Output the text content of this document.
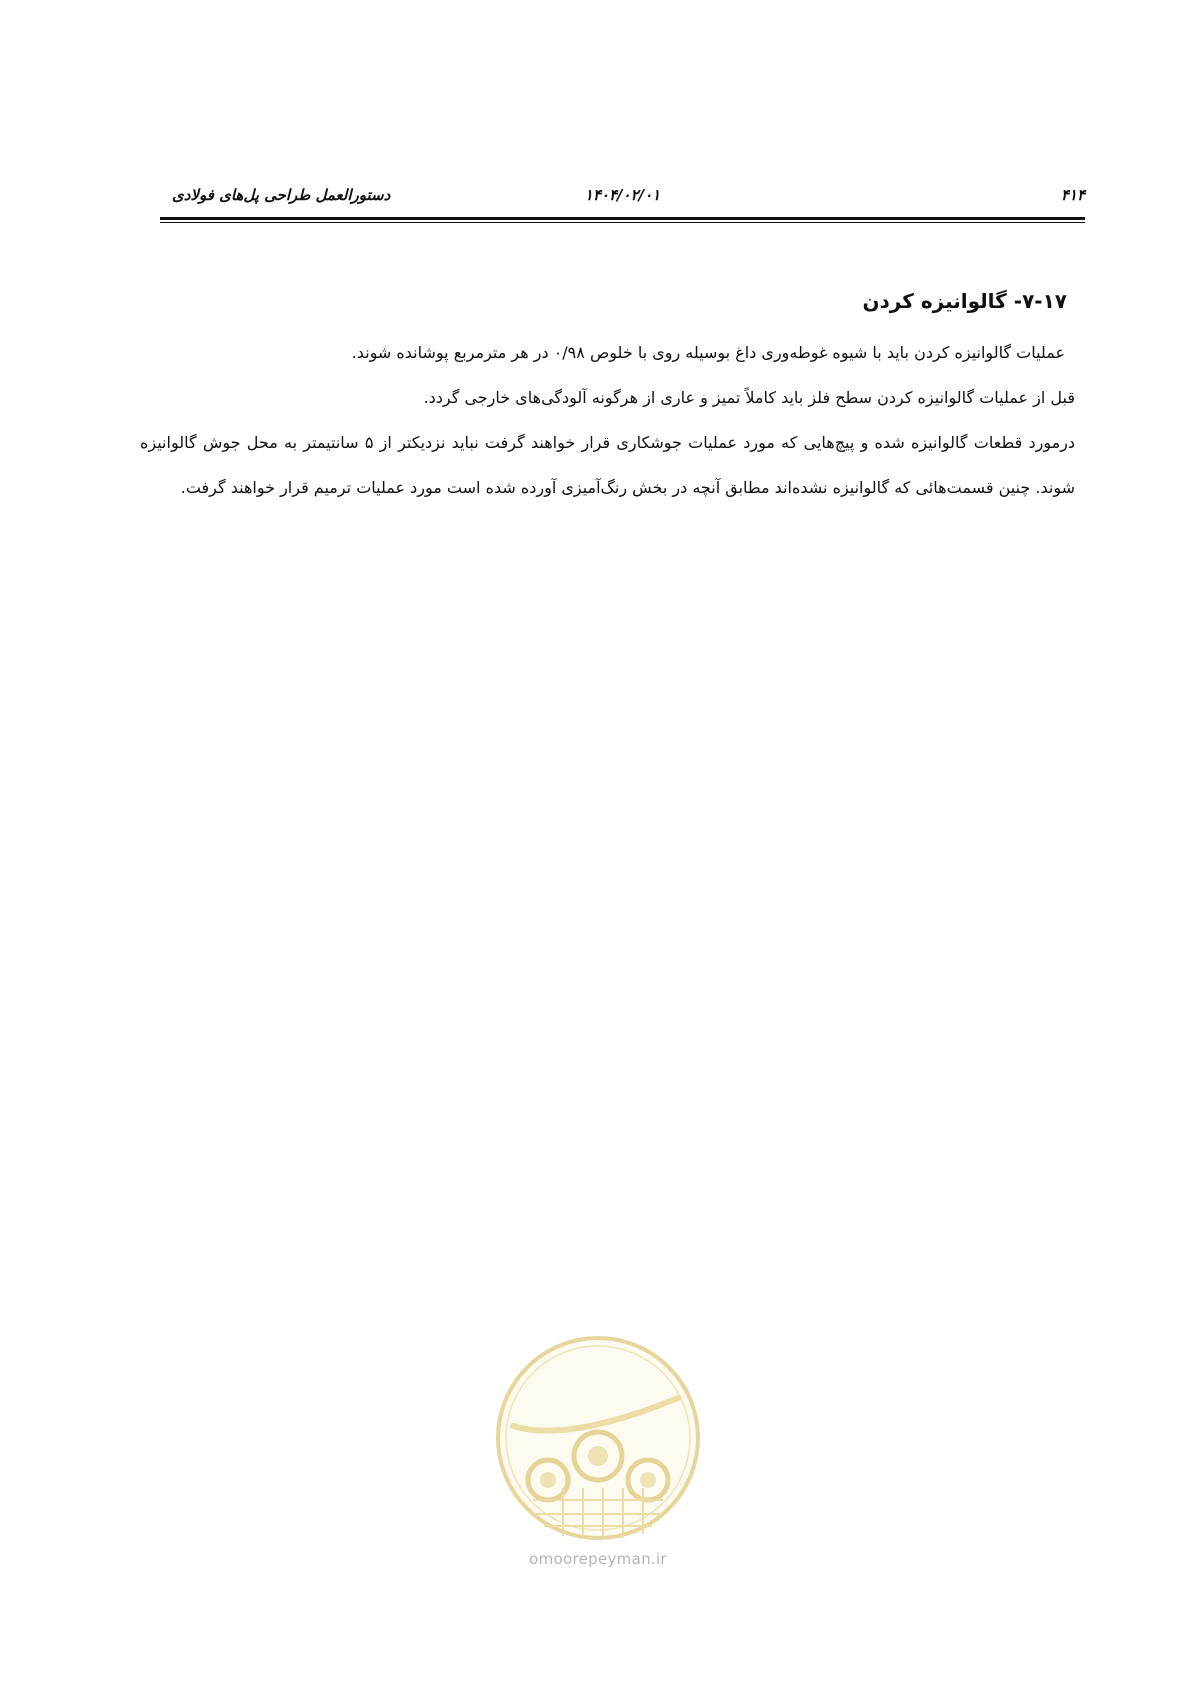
۴۱۴
۱۴۰۴/۰۲/۰۱
دستورالعمل طراحی پل‌های فولادی
۷-۱۷- گالوانیزه کردن

عملیات گالوانیزه کردن باید با شیوه غوطه‌وری داغ بوسیله روی با خلوص ۰/۹۸ در هر مترمربع پوشانده شوند.

قبل از عملیات گالوانیزه کردن سطح فلز باید کاملاً تمیز و عاری از هرگونه آلودگی‌های خارجی گردد.

درمورد قطعات گالوانیزه شده و پیچ‌هایی که مورد عملیات جوشکاری قرار خواهند گرفت نباید نزدیکتر از ۵ سانتیمتر به محل جوش گالوانیزه شوند. چنین قسمت‌هائی که گالوانیزه نشده‌اند مطابق آنچه در بخش رنگ‌آمیزی آورده شده است مورد عملیات ترمیم قرار خواهند گرفت.

omoorepeyman.ir
